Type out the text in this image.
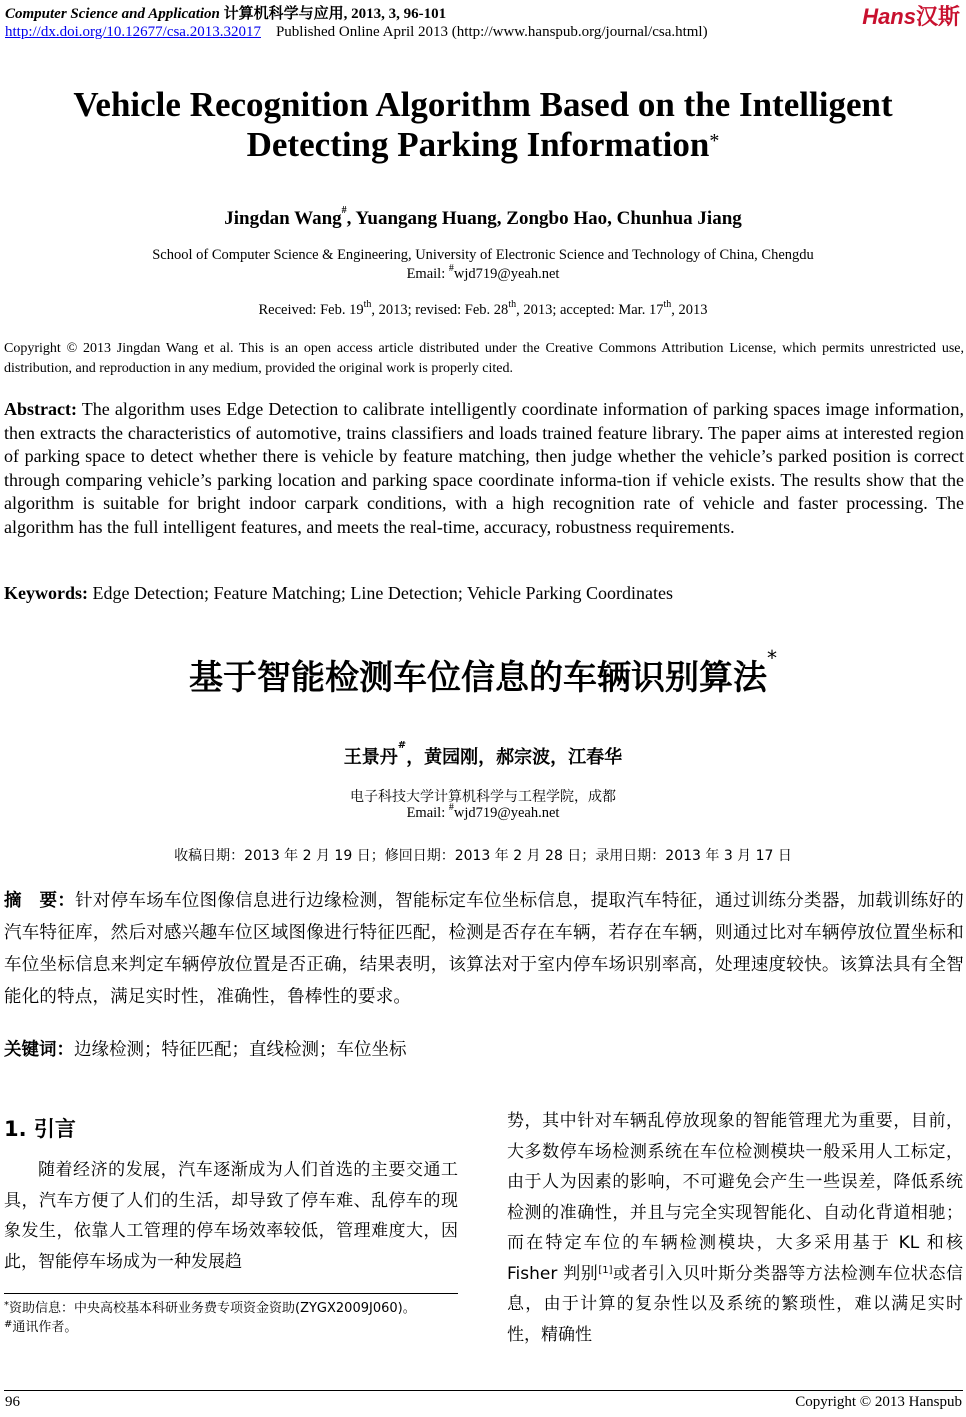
Computer Science and Application 计算机科学与应用, 2013, 3, 96-101	Hans汉斯
http://dx.doi.org/10.12677/csa.2013.32017 Published Online April 2013 (http://www.hanspub.org/journal/csa.html)
Vehicle Recognition Algorithm Based on the Intelligent
Detecting Parking Information*
Jingdan Wang#, Yuangang Huang, Zongbo Hao, Chunhua Jiang
School of Computer Science & Engineering, University of Electronic Science and Technology of China, Chengdu
Email: #wjd719@yeah.net
Received: Feb. 19th, 2013; revised: Feb. 28th, 2013; accepted: Mar. 17th, 2013
Copyright © 2013 Jingdan Wang et al. This is an open access article distributed under the Creative Commons Attribution License, which permits unrestricted use, distribution, and reproduction in any medium, provided the original work is properly cited.
Abstract: The algorithm uses Edge Detection to calibrate intelligently coordinate information of parking spaces image information, then extracts the characteristics of automotive, trains classifiers and loads trained feature library. The paper aims at interested region of parking space to detect whether there is vehicle by feature matching, then judge whether the vehicle’s parked position is correct through comparing vehicle’s parking location and parking space coordinate informa-tion if vehicle exists. The results show that the algorithm is suitable for bright indoor carpark conditions, with a high recognition rate of vehicle and faster processing. The algorithm has the full intelligent features, and meets the real-time, accuracy, robustness requirements.
Keywords: Edge Detection; Feature Matching; Line Detection; Vehicle Parking Coordinates
基于智能检测车位信息的车辆识别算法*
王景丹#，黄园刚，郝宗波，江春华
电子科技大学计算机科学与工程学院，成都
Email: #wjd719@yeah.net
收稿日期：2013 年 2 月 19 日；修回日期：2013 年 2 月 28 日；录用日期：2013 年 3 月 17 日
摘　要：针对停车场车位图像信息进行边缘检测，智能标定车位坐标信息，提取汽车特征，通过训练分类器，加载训练好的汽车特征库，然后对感兴趣车位区域图像进行特征匹配，检测是否存在车辆，若存在车辆，则通过比对车辆停放位置坐标和车位坐标信息来判定车辆停放位置是否正确，结果表明，该算法对于室内停车场识别率高，处理速度较快。该算法具有全智能化的特点，满足实时性，准确性，鲁棒性的要求。
关键词：边缘检测；特征匹配；直线检测；车位坐标
1. 引言
随着经济的发展，汽车逐渐成为人们首选的主要交通工具，汽车方便了人们的生活，却导致了停车难、乱停车的现象发生，依靠人工管理的停车场效率较低，管理难度大，因此，智能停车场成为一种发展趋
势，其中针对车辆乱停放现象的智能管理尤为重要，目前，大多数停车场检测系统在车位检测模块一般采用人工标定，由于人为因素的影响，不可避免会产生一些误差，降低系统检测的准确性，并且与完全实现智能化、自动化背道相驰；而在特定车位的车辆检测模块，大多采用基于 KL 和核 Fisher 判别[1]或者引入贝叶斯分类器等方法检测车位状态信息，由于计算的复杂性以及系统的繁琐性，难以满足实时性，精确性
*资助信息：中央高校基本科研业务费专项资金资助(ZYGX2009J060)。
#通讯作者。
96	Copyright © 2013 Hanspub
